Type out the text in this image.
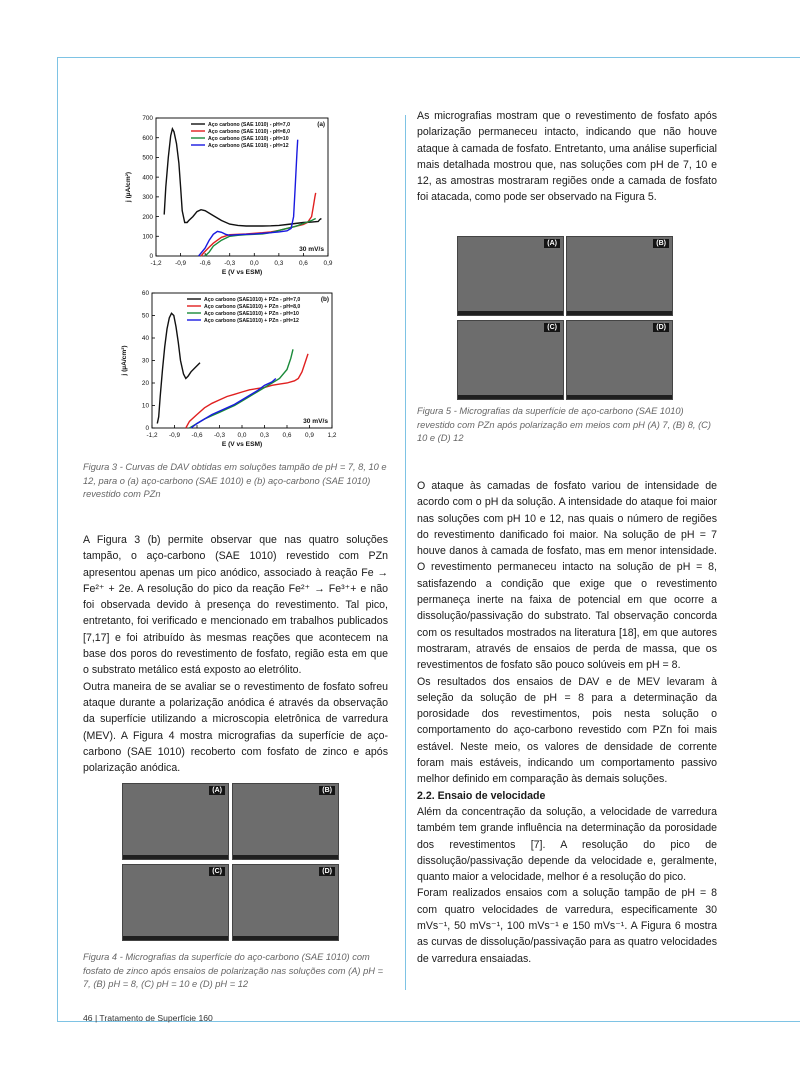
-1,2 -0,9 -0,6 -0,3 0,0 0,3 0,6 0,9
0
100
200
300
400
500
600
700
E (V vs ESM)
j (µA/cm²)
Aço carbono (SAE 1010) - pH=7,0
Aço carbono (SAE 1010) - pH=8,0
Aço carbono (SAE 1010) - pH=10
Aço carbono (SAE 1010) - pH=12
(a)
30 mV/s
-1,2 -0,9 -0,6 -0,3 0,0 0,3 0,6 0,9 1,2
0
10
20
30
40
50
60
E (V vs ESM)
j (µA/cm²)
Aço carbono (SAE1010) + PZn - pH=7,0
Aço carbono (SAE1010) + PZn - pH=8,0
Aço carbono (SAE1010) + PZn - pH=10
Aço carbono (SAE1010) + PZn - pH=12
(b)
30 mV/s
Figura 3 - Curvas de DAV obtidas em soluções tampão de pH = 7, 8, 10 e 12, para o (a) aço-carbono (SAE 1010) e (b) aço-carbono (SAE 1010) revestido com PZn

A Figura 3 (b) permite observar que nas quatro soluções tampão, o aço-carbono (SAE 1010) revestido com PZn apresentou apenas um pico anódico, associado à reação Fe → Fe²⁺ + 2e. A resolução do pico da reação Fe²⁺ → Fe³⁺+ e não foi observada devido à presença do revestimento. Tal pico, entretanto, foi verificado e mencionado em trabalhos publicados [7,17] e foi atribuído às mesmas reações que acontecem na base dos poros do revestimento de fosfato, região esta em que o substrato metálico está exposto ao eletrólito.

Outra maneira de se avaliar se o revestimento de fosfato sofreu ataque durante a polarização anódica é através da observação da superfície utilizando a microscopia eletrônica de varredura (MEV). A Figura 4 mostra micrografias da superfície de aço-carbono (SAE 1010) recoberto com fosfato de zinco e após polarização anódica.

(A)	(B)
(C)	(D)
Figura 4 - Micrografias da superfície do aço-carbono (SAE 1010) com fosfato de zinco após ensaios de polarização nas soluções com (A) pH = 7, (B) pH = 8, (C) pH = 10 e (D) pH = 12

As micrografias mostram que o revestimento de fosfato após polarização permaneceu intacto, indicando que não houve ataque à camada de fosfato. Entretanto, uma análise superficial mais detalhada mostrou que, nas soluções com pH de 7, 10 e 12, as amostras mostraram regiões onde a camada de fosfato foi atacada, como pode ser observado na Figura 5.

(A)	(B)
(C)	(D)
Figura 5 - Micrografias da superfície de aço-carbono (SAE 1010) revestido com PZn após polarização em meios com pH (A) 7, (B) 8, (C) 10 e (D) 12

O ataque às camadas de fosfato variou de intensidade de acordo com o pH da solução. A intensidade do ataque foi maior nas soluções com pH 10 e 12, nas quais o número de regiões do revestimento danificado foi maior. Na solução de pH = 7 houve danos à camada de fosfato, mas em menor intensidade. O revestimento permaneceu intacto na solução de pH = 8, satisfazendo a condição que exige que o revestimento permaneça inerte na faixa de potencial em que ocorre a dissolução/passivação do substrato. Tal observação concorda com os resultados mostrados na literatura [18], em que autores mostraram, através de ensaios de perda de massa, que os revestimentos de fosfato são pouco solúveis em pH = 8.

Os resultados dos ensaios de DAV e de MEV levaram à seleção da solução de pH = 8 para a determinação da porosidade dos revestimentos, pois nesta solução o comportamento do aço-carbono revestido com PZn foi mais estável. Neste meio, os valores de densidade de corrente foram mais estáveis, indicando um comportamento passivo melhor definido em comparação às demais soluções.

2.2. Ensaio de velocidade

Além da concentração da solução, a velocidade de varredura também tem grande influência na determinação da porosidade dos revestimentos [7]. A resolução do pico de dissolução/passivação depende da velocidade e, geralmente, quanto maior a velocidade, melhor é a resolução do pico.

Foram realizados ensaios com a solução tampão de pH = 8 com quatro velocidades de varredura, especificamente 30 mVs⁻¹, 50 mVs⁻¹, 100 mVs⁻¹ e 150 mVs⁻¹. A Figura 6 mostra as curvas de dissolução/passivação para as quatro velocidades de varredura ensaiadas.

46 | Tratamento de Superfície 160
